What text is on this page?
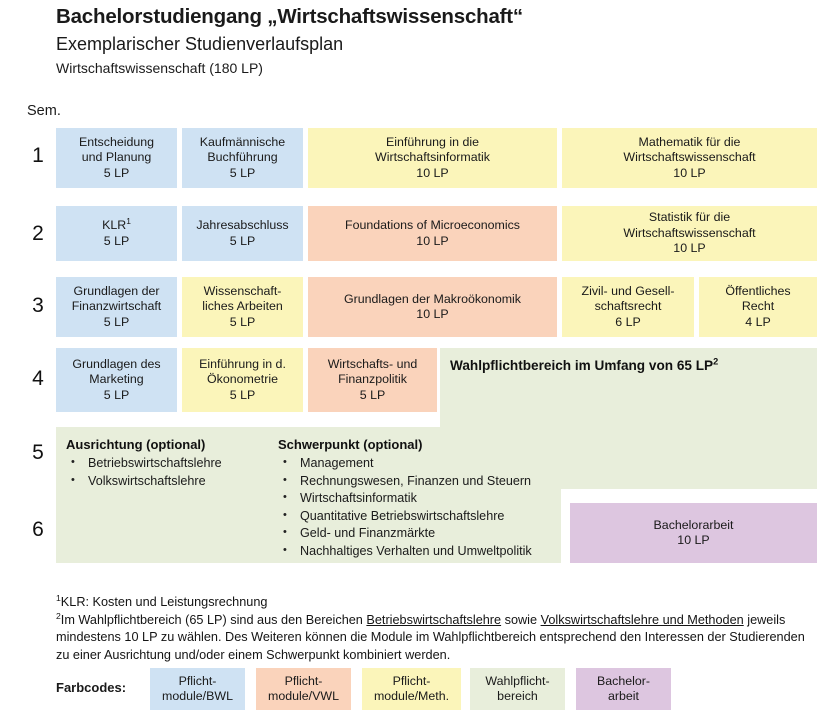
Bachelorstudiengang „Wirtschaftswissenschaft“
Exemplarischer Studienverlaufsplan
Wirtschaftswissenschaft (180 LP)
Sem.
1
2
3
4
5
6
Wahlpflichtbereich im Umfang von 65 $LP^2$
Ausrichtung (optional)
• Betriebswirtschaftslehre
• Volkswirtschaftslehre
Schwerpunkt (optional)
• Management
• Rechnungswesen, Finanzen und Steuern
• Wirtschaftsinformatik
• Quantitative Betriebswirtschaftslehre
• Geld- und Finanzmärkte
• Nachhaltiges Verhalten und Umweltpolitik
Entscheidung
und Planung
5 LP
Kaufmännische
Buchführung
5 LP
Einführung in die
Wirtschaftsinformatik
10 LP
Mathematik für die
Wirtschaftswissenschaft
10 LP
KLR$^1$
5 LP
Jahresabschluss
5 LP
Foundations of Microeconomics
10 LP
Statistik für die
Wirtschaftswissenschaft
10 LP
Grundlagen der
Finanzwirtschaft
5 LP
Wissenschaft-
liches Arbeiten
5 LP
Grundlagen der Makroökonomik
10 LP
Zivil- und Gesell-
schaftsrecht
6 LP
Öffentliches
Recht
4 LP
Grundlagen des
Marketing
5 LP
Einführung in d.
Ökonometrie
5 LP
Wirtschafts- und
Finanzpolitik
5 LP
Bachelorarbeit
10 LP
$^1$KLR: Kosten und Leistungsrechnung
$^2$Im Wahlpflichtbereich (65 LP) sind aus den Bereichen Betriebswirtschaftslehre sowie Volkswirtschaftslehre und Methoden jeweils mindestens 10 LP zu wählen. Des Weiteren können die Module im Wahlpflichtbereich entsprechend den Interessen der Studierenden zu einer Ausrichtung und/oder einem Schwerpunkt kombiniert werden.
Farbcodes:	Pflicht-
module/BWL
Pflicht-
module/VWL
Pflicht-
module/Meth.
Wahlpflicht-
bereich
Bachelor-
arbeit
